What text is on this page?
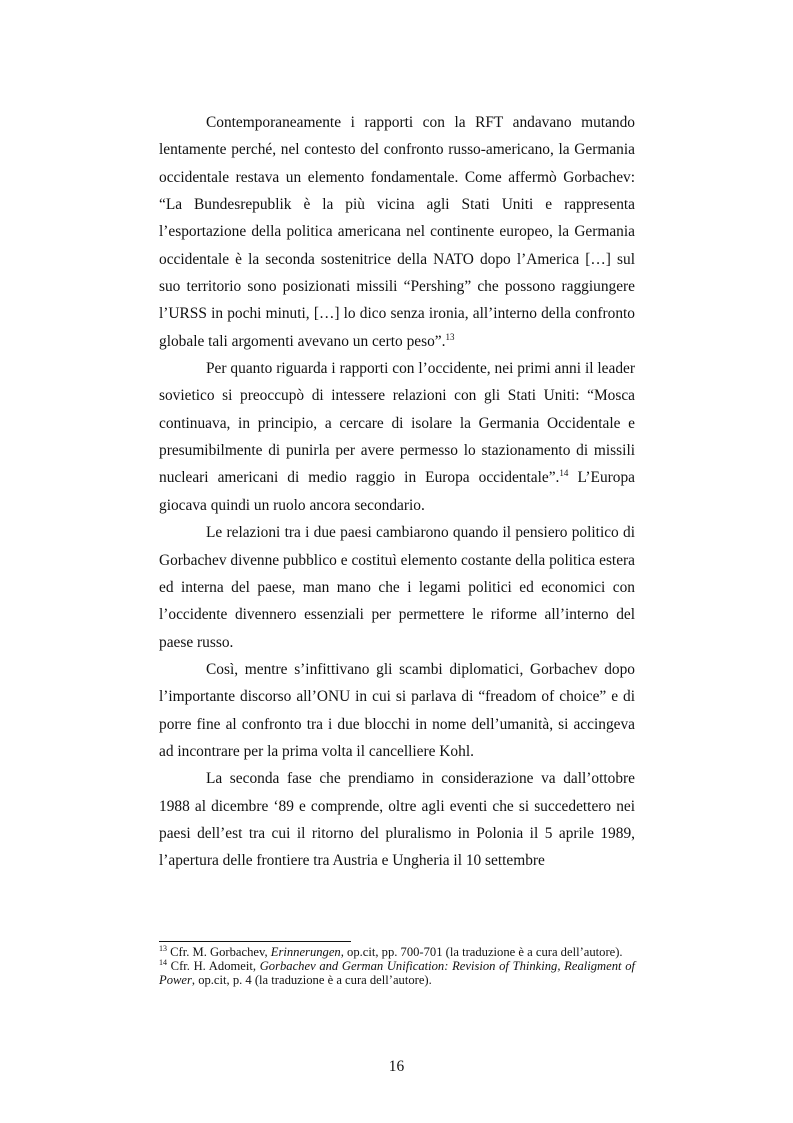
Contemporaneamente i rapporti con la RFT andavano mutando lentamente perché, nel contesto del confronto russo-americano, la Germania occidentale restava un elemento fondamentale. Come affermò Gorbachev: “La Bundesrepublik è la più vicina agli Stati Uniti e rappresenta l’esportazione della politica americana nel continente europeo, la Germania occidentale è la seconda sostenitrice della NATO dopo l’America […] sul suo territorio sono posizionati missili “Pershing” che possono raggiungere l’URSS in pochi minuti, […] lo dico senza ironia, all’interno della confronto globale tali argomenti avevano un certo peso”.$^{13}$

Per quanto riguarda i rapporti con l’occidente, nei primi anni il leader sovietico si preoccupò di intessere relazioni con gli Stati Uniti: “Mosca continuava, in principio, a cercare di isolare la Germania Occidentale e presumibilmente di punirla per avere permesso lo stazionamento di missili nucleari americani di medio raggio in Europa occidentale”.$^{14}$ L’Europa giocava quindi un ruolo ancora secondario.

Le relazioni tra i due paesi cambiarono quando il pensiero politico di Gorbachev divenne pubblico e costituì elemento costante della politica estera ed interna del paese, man mano che i legami politici ed economici con l’occidente divennero essenziali per permettere le riforme all’interno del paese russo.

Così, mentre s’infittivano gli scambi diplomatici, Gorbachev dopo l’importante discorso all’ONU in cui si parlava di “freadom of choice” e di porre fine al confronto tra i due blocchi in nome dell’umanità, si accingeva ad incontrare per la prima volta il cancelliere Kohl.

La seconda fase che prendiamo in considerazione va dall’ottobre 1988 al dicembre ‘89 e comprende, oltre agli eventi che si succedettero nei paesi dell’est tra cui il ritorno del pluralismo in Polonia il 5 aprile 1989, l’apertura delle frontiere tra Austria e Ungheria il 10 settembre

$^{13}$ Cfr. M. Gorbachev, Erinnerungen, op.cit, pp. 700-701 (la traduzione è a cura dell’autore).

$^{14}$ Cfr. H. Adomeit, Gorbachev and German Unification: Revision of Thinking, Realigment of Power, op.cit, p. 4 (la traduzione è a cura dell’autore).

16
